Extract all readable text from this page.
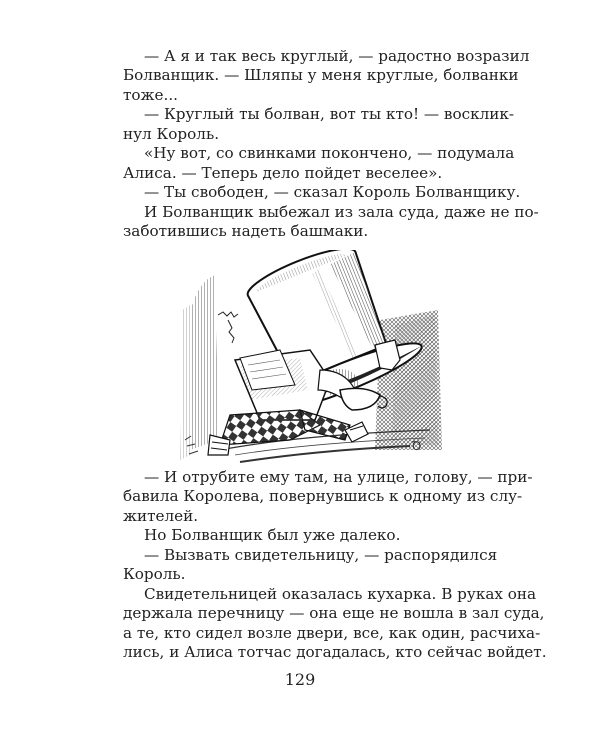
— А я и так весь круглый, — радостно возразил
Болванщик. — Шляпы у меня круглые, болванки
тоже...
— Круглый ты болван, вот ты кто! — восклик-
нул Король.
«Ну вот, со свинками покончено, — подумала
Алиса. — Теперь дело пойдет веселее».
— Ты свободен, — сказал Король Болванщику.
И Болванщик выбежал из зала суда, даже не по-
заботившись надеть башмаки.
Ꝺ
— И отрубите ему там, на улице, голову, — при-
бавила Королева, повернувшись к одному из слу-
жителей.
Но Болванщик был уже далеко.
— Вызвать свидетельницу, — распорядился
Король.
Свидетельницей оказалась кухарка. В руках она
держала перечницу — она еще не вошла в зал суда,
а те, кто сидел возле двери, все, как один, расчиха-
лись, и Алиса тотчас догадалась, кто сейчас войдет.
129
